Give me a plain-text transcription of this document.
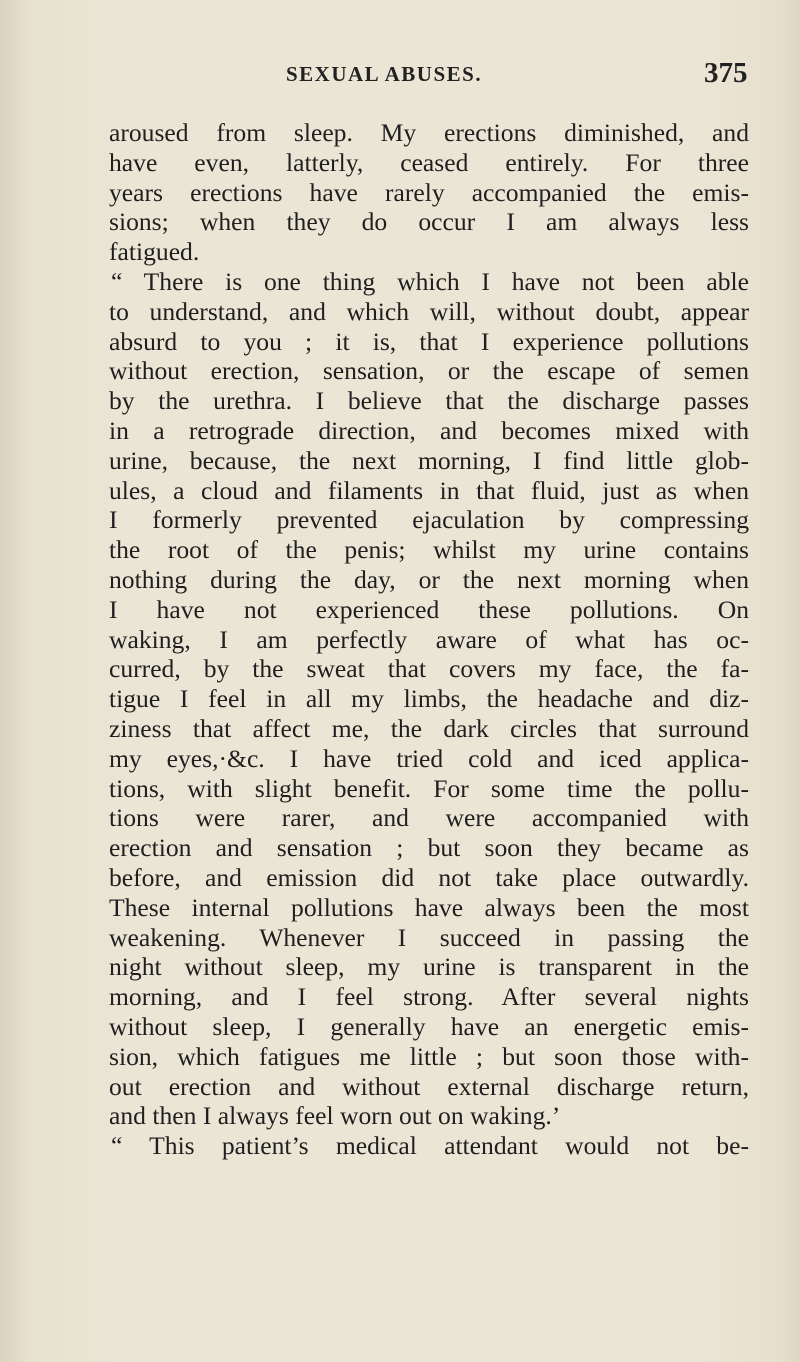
SEXUAL ABUSES.	375
aroused from sleep. My erections diminished, and
have even, latterly, ceased entirely. For three
years erections have rarely accompanied the emis-
sions; when they do occur I am always less
fatigued.
“ There is one thing which I have not been able
to understand, and which will, without doubt, appear
absurd to you ; it is, that I experience pollutions
without erection, sensation, or the escape of semen
by the urethra. I believe that the discharge passes
in a retrograde direction, and becomes mixed with
urine, because, the next morning, I find little glob-
ules, a cloud and filaments in that fluid, just as when
I formerly prevented ejaculation by compressing
the root of the penis; whilst my urine contains
nothing during the day, or the next morning when
I have not experienced these pollutions. On
waking, I am perfectly aware of what has oc-
curred, by the sweat that covers my face, the fa-
tigue I feel in all my limbs, the headache and diz-
ziness that affect me, the dark circles that surround
my eyes,·&c. I have tried cold and iced applica-
tions, with slight benefit. For some time the pollu-
tions were rarer, and were accompanied with
erection and sensation ; but soon they became as
before, and emission did not take place outwardly.
These internal pollutions have always been the most
weakening. Whenever I succeed in passing the
night without sleep, my urine is transparent in the
morning, and I feel strong. After several nights
without sleep, I generally have an energetic emis-
sion, which fatigues me little ; but soon those with-
out erection and without external discharge return,
and then I always feel worn out on waking.’
“ This patient’s medical attendant would not be-
